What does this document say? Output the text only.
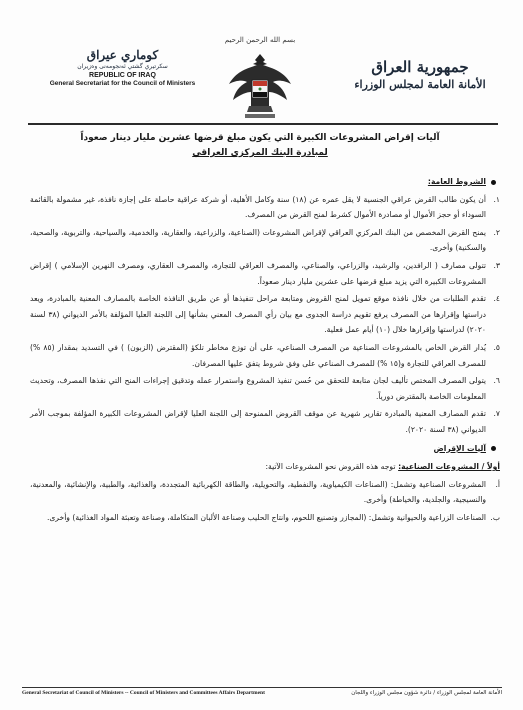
بسم الله الرحمن الرحيم
كوماري عيراق
سكرتيري گشتي ئەنجومەنی وەزیران
REPUBLIC OF IRAQ
General Secretariat for the Council of Ministers
جمهورية العراق
الأمانة العامة لمجلس الوزراء
آليات إقراض المشروعات الكبيرة التي يكون مبلغ قرضها عشرين مليار دينار صعوداً
لمبادرة البنك المركزي العراقي
الشروط العامة:
١.
أن يكون طالب القرض عراقي الجنسية لا يقل عمره عن (١٨) سنة وكامل الأهلية، أو شركة عراقية حاصلة على إجازة نافذة، غير مشمولة بالقائمة السوداء أو حجز الأموال أو مصادرة الأموال كشرط لمنح القرض من المصرف.
٢.
يمنح القرض المخصص من البنك المركزي العراقي لإقراض المشروعات (الصناعية، والزراعية، والعقارية، والخدمية، والسياحية، والتربوية، والصحية، والسكنية) وأخرى.
٣.
تتولى مصارف ( الرافدين، والرشيد، والزراعي، والصناعي، والمصرف العراقي للتجارة، والمصرف العقاري، ومصرف النهرين الإسلامي ) إقراض المشروعات الكبيرة التي يزيد مبلغ قرضها على عشرين مليار دينار صعوداً.
٤.
تقدم الطلبات من خلال نافذة موقع تمويل لمنح القروض ومتابعة مراحل تنفيذها أو عن طريق النافذة الخاصة بالمصارف المعنية بالمبادرة، ويعد دراستها وإقرارها من المصرف يرفع تقويم دراسة الجدوى مع بيان رأي المصرف المعني بشأنها إلى اللجنة العليا المؤلفة بالأمر الديواني (٣٨ لسنة ٢٠٢٠) لدراستها وإقرارها خلال (١٠) أيام عمل فعلية.
٥.
يُدار القرض الخاص بالمشروعات الصناعية من المصرف الصناعي، على أن توزع مخاطر تلكؤ (المقترض (الزبون) ) في التسديد بمقدار (٨٥ %) للمصرف العراقي للتجارة و(١٥ %) للمصرف الصناعي على وفق شروط يتفق عليها المصرفان.
٦.
يتولى المصرف المختص تأليف لجان متابعة للتحقق من حُسن تنفيذ المشروع واستمرار عمله وتدقيق إجراءات المنح التي نفذها المصرف، وتحديث المعلومات الخاصة بالمقترض دورياً.
٧.
تقدم المصارف المعنية بالمبادرة تقارير شهرية عن موقف القروض الممنوحة إلى اللجنة العليا لإقراض المشروعات الكبيرة المؤلفة بموجب الأمر الديواني (٣٨ لسنة ٢٠٢٠).
آليات الإقراض
أولاً / المشروعات الصناعية: توجه هذه القروض نحو المشروعات الآتية:
أ.
المشروعات الصناعية وتشمل: (الصناعات الكيمياوية، والنفطية، والتحويلية، والطاقة الكهربائية المتجددة، والغذائية، والطبية، والإنشائية، والمعدنية، والنسيجية، والجلدية، والخياطة) وأخرى.
ب.
الصناعات الزراعية والحيوانية وتشمل: (المجازر وتصنيع اللحوم، وانتاج الحليب وصناعة الألبان المتكاملة، وصناعة وتعبئة المواد الغذائية) وأخرى.
General Secretariat of Council of Ministers -- Council of Ministers and Committees Affairs Department	الأمانة العامة لمجلس الوزراء / دائرة شؤون مجلس الوزراء واللجان
